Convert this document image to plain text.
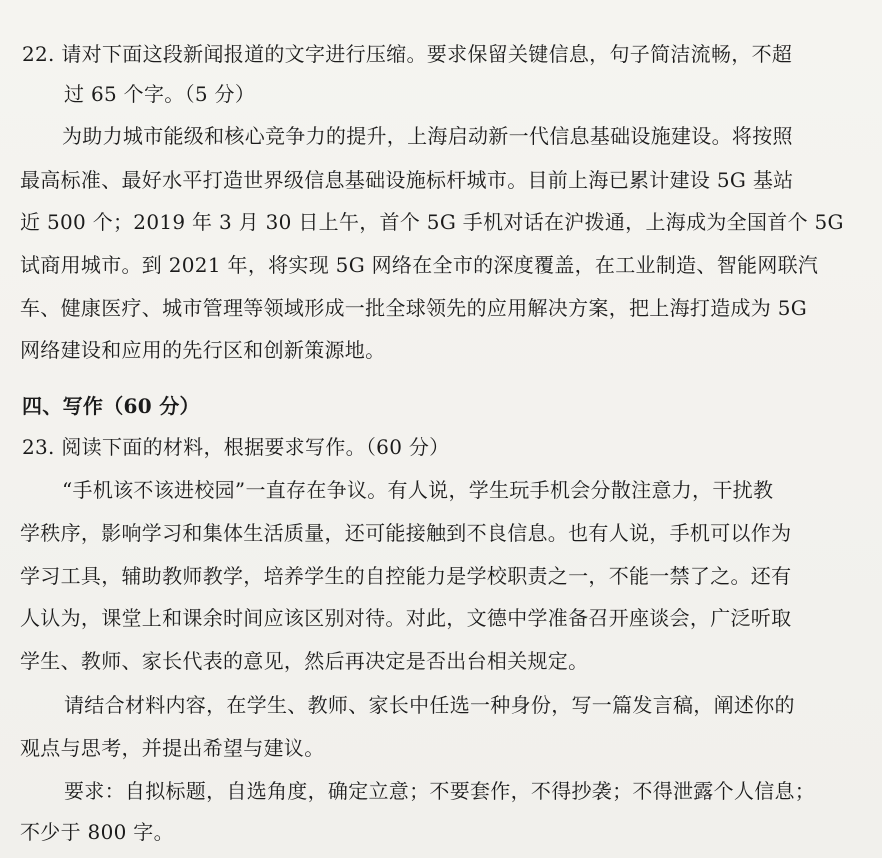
22. 请对下面这段新闻报道的文字进行压缩。要求保留关键信息，句子简洁流畅，不超
过 65 个字。（5 分）
为助力城市能级和核心竞争力的提升，上海启动新一代信息基础设施建设。将按照
最高标准、最好水平打造世界级信息基础设施标杆城市。目前上海已累计建设 5G 基站
近 500 个；2019 年 3 月 30 日上午，首个 5G 手机对话在沪拨通，上海成为全国首个 5G
试商用城市。到 2021 年，将实现 5G 网络在全市的深度覆盖，在工业制造、智能网联汽
车、健康医疗、城市管理等领域形成一批全球领先的应用解决方案，把上海打造成为 5G
网络建设和应用的先行区和创新策源地。
四、写作（60 分）
23. 阅读下面的材料，根据要求写作。（60 分）
“手机该不该进校园”一直存在争议。有人说，学生玩手机会分散注意力，干扰教
学秩序，影响学习和集体生活质量，还可能接触到不良信息。也有人说，手机可以作为
学习工具，辅助教师教学，培养学生的自控能力是学校职责之一，不能一禁了之。还有
人认为，课堂上和课余时间应该区别对待。对此，文德中学准备召开座谈会，广泛听取
学生、教师、家长代表的意见，然后再决定是否出台相关规定。
请结合材料内容，在学生、教师、家长中任选一种身份，写一篇发言稿，阐述你的
观点与思考，并提出希望与建议。
要求：自拟标题，自选角度，确定立意；不要套作，不得抄袭；不得泄露个人信息；
不少于 800 字。
